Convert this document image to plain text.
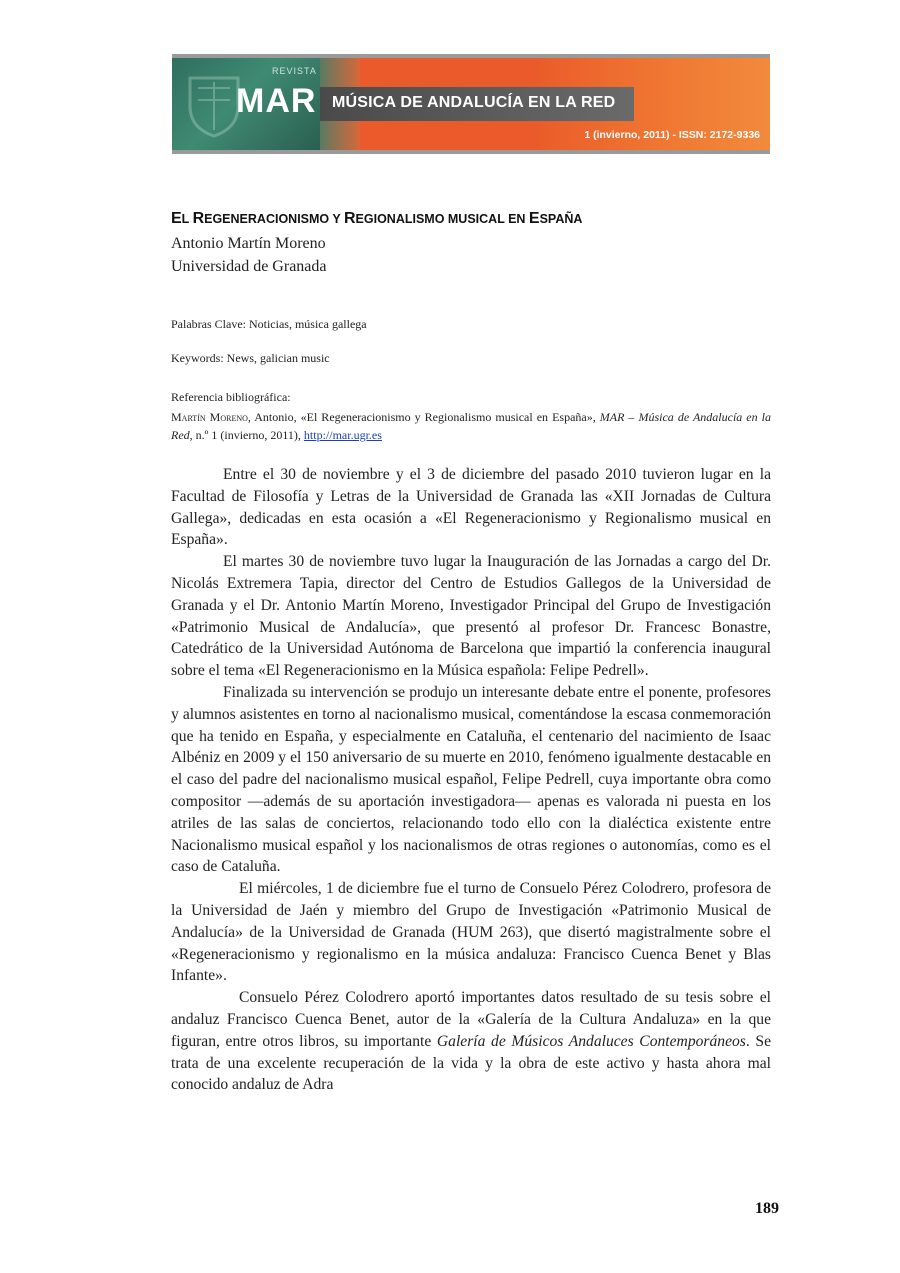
REVISTA
MAR MÚSICA DE ANDALUCÍA EN LA RED
1 (invierno, 2011) - ISSN: 2172-9336
EL REGENERACIONISMO Y REGIONALISMO MUSICAL EN ESPAÑA
Antonio Martín Moreno
Universidad de Granada
Palabras Clave: Noticias, música gallega
Keywords: News, galician music
Referencia bibliográfica:
Martín Moreno, Antonio, «El Regeneracionismo y Regionalismo musical en España», MAR – Música de Andalucía en la Red, n.º 1 (invierno, 2011), http://mar.ugr.es

Entre el 30 de noviembre y el 3 de diciembre del pasado 2010 tuvieron lugar en la Facultad de Filosofía y Letras de la Universidad de Granada las «XII Jornadas de Cultura Gallega», dedicadas en esta ocasión a «El Regeneracionismo y Regionalismo musical en España».

El martes 30 de noviembre tuvo lugar la Inauguración de las Jornadas a cargo del Dr. Nicolás Extremera Tapia, director del Centro de Estudios Gallegos de la Universidad de Granada y el Dr. Antonio Martín Moreno, Investigador Principal del Grupo de Investigación «Patrimonio Musical de Andalucía», que presentó al profesor Dr. Francesc Bonastre, Catedrático de la Universidad Autónoma de Barcelona que impartió la conferencia inaugural sobre el tema «El Regeneracionismo en la Música española: Felipe Pedrell».

Finalizada su intervención se produjo un interesante debate entre el ponente, profesores y alumnos asistentes en torno al nacionalismo musical, comentándose la escasa conmemoración que ha tenido en España, y especialmente en Cataluña, el centenario del nacimiento de Isaac Albéniz en 2009 y el 150 aniversario de su muerte en 2010, fenómeno igualmente destacable en el caso del padre del nacionalismo musical español, Felipe Pedrell, cuya importante obra como compositor —además de su aportación investigadora— apenas es valorada ni puesta en los atriles de las salas de conciertos, relacionando todo ello con la dialéctica existente entre Nacionalismo musical español y los nacionalismos de otras regiones o autonomías, como es el caso de Cataluña.

El miércoles, 1 de diciembre fue el turno de Consuelo Pérez Colodrero, profesora de la Universidad de Jaén y miembro del Grupo de Investigación «Patrimonio Musical de Andalucía» de la Universidad de Granada (HUM 263), que disertó magistralmente sobre el «Regeneracionismo y regionalismo en la música andaluza: Francisco Cuenca Benet y Blas Infante».

Consuelo Pérez Colodrero aportó importantes datos resultado de su tesis sobre el andaluz Francisco Cuenca Benet, autor de la «Galería de la Cultura Andaluza» en la que figuran, entre otros libros, su importante Galería de Músicos Andaluces Contemporáneos. Se trata de una excelente recuperación de la vida y la obra de este activo y hasta ahora mal conocido andaluz de Adra

189
